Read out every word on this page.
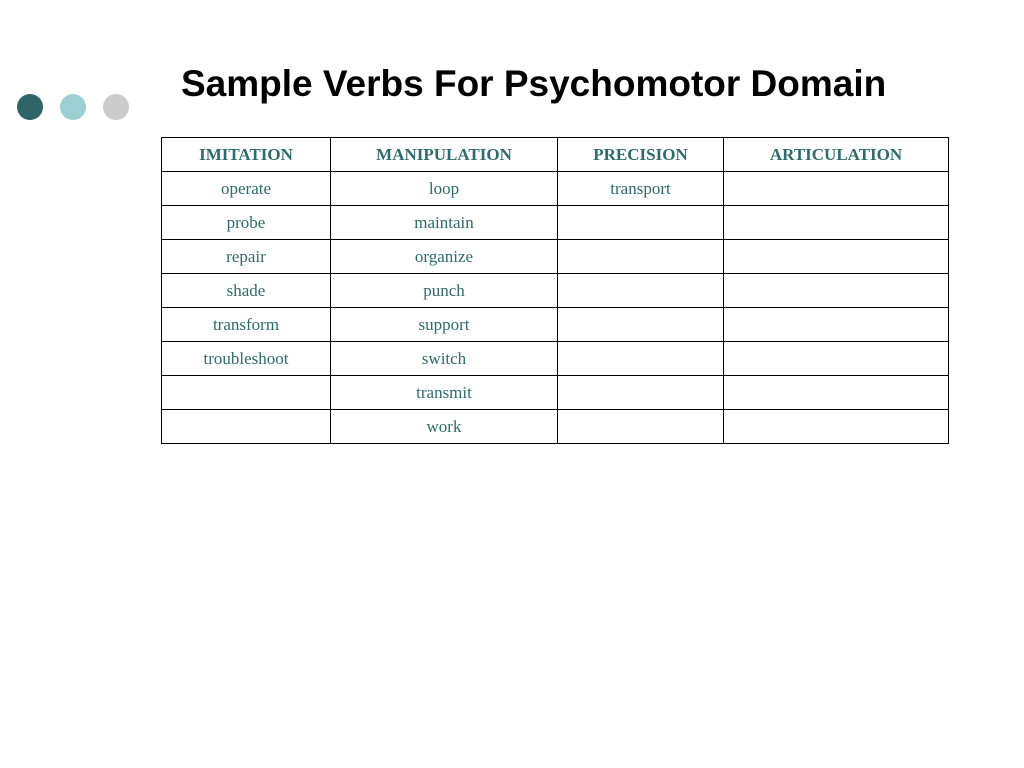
Sample Verbs For Psychomotor Domain
IMITATION	MANIPULATION	PRECISION	ARTICULATION
operate	loop	transport	
probe	maintain		
repair	organize		
shade	punch		
transform	support		
troubleshoot	switch		
	transmit		
	work		
